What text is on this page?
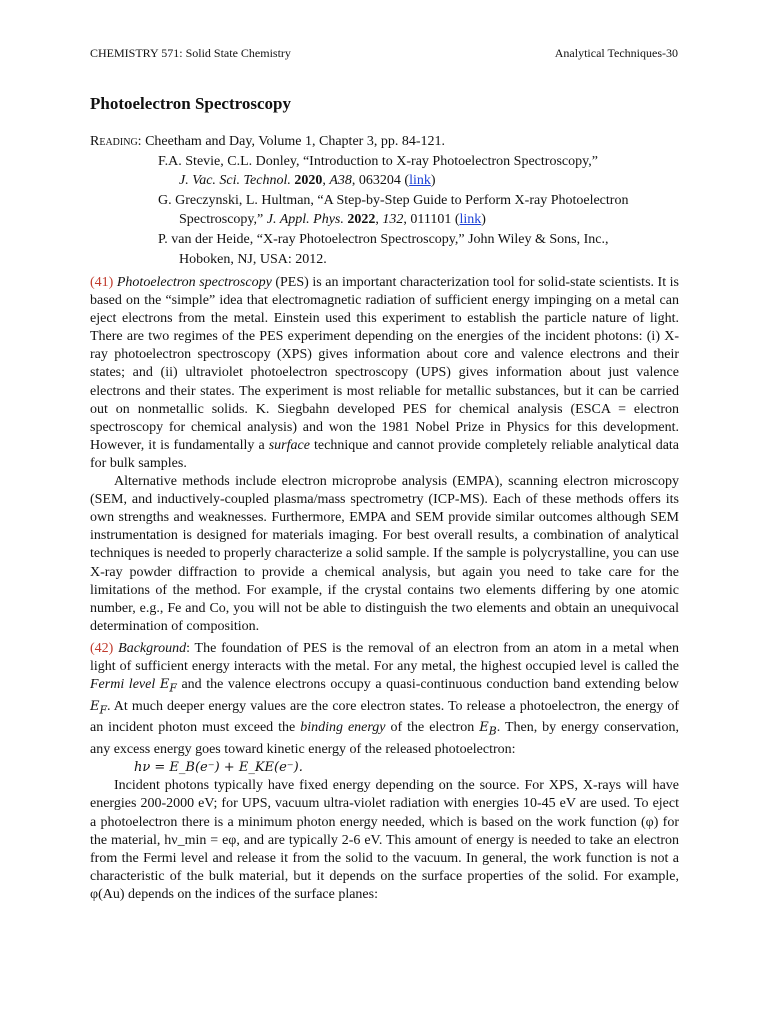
CHEMISTRY 571: Solid State Chemistry	Analytical Techniques-30
Photoelectron Spectroscopy
Reading: Cheetham and Day, Volume 1, Chapter 3, pp. 84-121.
F.A. Stevie, C.L. Donley, “Introduction to X-ray Photoelectron Spectroscopy,”
J. Vac. Sci. Technol. 2020, A38, 063204 (link)
G. Greczynski, L. Hultman, “A Step-by-Step Guide to Perform X-ray Photoelectron
Spectroscopy,” J. Appl. Phys. 2022, 132, 011101 (link)
P. van der Heide, “X-ray Photoelectron Spectroscopy,” John Wiley & Sons, Inc.,
Hoboken, NJ, USA: 2012.

(41) Photoelectron spectroscopy (PES) is an important characterization tool for solid-state scientists. It is based on the “simple” idea that electromagnetic radiation of sufficient energy impinging on a metal can eject electrons from the metal. Einstein used this experiment to establish the particle nature of light. There are two regimes of the PES experiment depending on the energies of the incident photons: (i) X-ray photoelectron spectroscopy (XPS) gives information about core and valence electrons and their states; and (ii) ultraviolet photoelectron spectroscopy (UPS) gives information about just valence electrons and their states. The experiment is most reliable for metallic substances, but it can be carried out on nonmetallic solids. K. Siegbahn developed PES for chemical analysis (ESCA = electron spectroscopy for chemical analysis) and won the 1981 Nobel Prize in Physics for this development. However, it is fundamentally a surface technique and cannot provide completely reliable analytical data for bulk samples.

Alternative methods include electron microprobe analysis (EMPA), scanning electron microscopy (SEM, and inductively-coupled plasma/mass spectrometry (ICP-MS). Each of these methods offers its own strengths and weaknesses. Furthermore, EMPA and SEM provide similar outcomes although SEM instrumentation is designed for materials imaging. For best overall results, a combination of analytical techniques is needed to properly characterize a solid sample. If the sample is polycrystalline, you can use X-ray powder diffraction to provide a chemical analysis, but again you need to take care for the limitations of the method. For example, if the crystal contains two elements differing by one atomic number, e.g., Fe and Co, you will not be able to distinguish the two elements and obtain an unequivocal determination of composition.

(42) Background: The foundation of PES is the removal of an electron from an atom in a metal when light of sufficient energy interacts with the metal. For any metal, the highest occupied level is called the Fermi level $E_F$ and the valence electrons occupy a quasi-continuous conduction band extending below $E_F$. At much deeper energy values are the core electron states. To release a photoelectron, the energy of an incident photon must exceed the binding energy of the electron $E_B$. Then, by energy conservation, any excess energy goes toward kinetic energy of the released photoelectron:

hν = E_B(e⁻) + E_KE(e⁻).

Incident photons typically have fixed energy depending on the source. For XPS, X-rays will have energies 200-2000 eV; for UPS, vacuum ultra-violet radiation with energies 10-45 eV are used. To eject a photoelectron there is a minimum photon energy needed, which is based on the work function (φ) for the material, hν_min = eφ, and are typically 2-6 eV. This amount of energy is needed to take an electron from the Fermi level and release it from the solid to the vacuum. In general, the work function is not a characteristic of the bulk material, but it depends on the surface properties of the solid. For example, φ(Au) depends on the indices of the surface planes:
